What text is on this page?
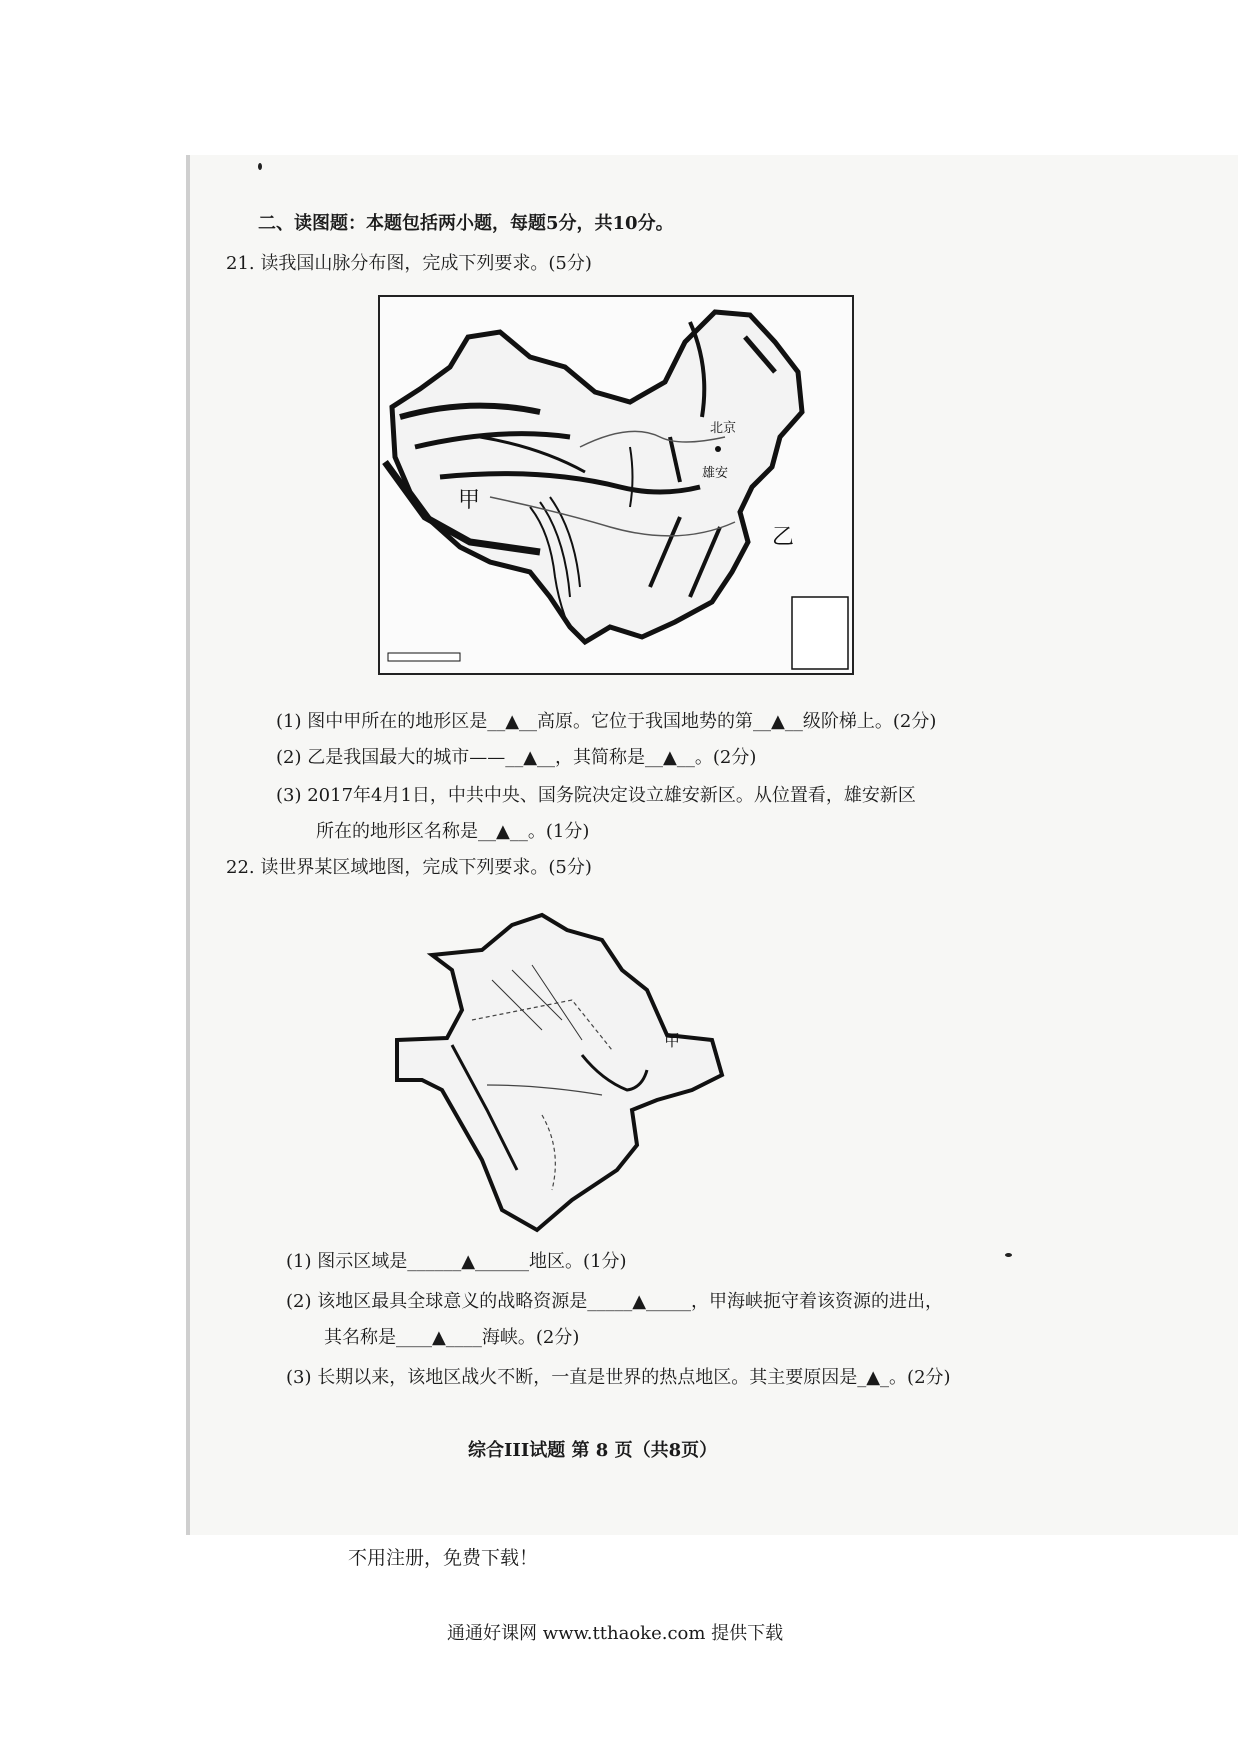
二、读图题：本题包括两小题，每题5分，共10分。
21. 读我国山脉分布图，完成下列要求。(5分)
甲
乙
北京
雄安
(1) 图中甲所在的地形区是__▲__高原。它位于我国地势的第__▲__级阶梯上。(2分)
(2) 乙是我国最大的城市——__▲__，其简称是__▲__。(2分)
(3) 2017年4月1日，中共中央、国务院决定设立雄安新区。从位置看，雄安新区
所在的地形区名称是__▲__。(1分)
22. 读世界某区域地图，完成下列要求。(5分)
甲
(1) 图示区域是______▲______地区。(1分)
(2) 该地区最具全球意义的战略资源是_____▲_____，甲海峡扼守着该资源的进出，
其名称是____▲____海峡。(2分)
(3) 长期以来，该地区战火不断，一直是世界的热点地区。其主要原因是_▲_。(2分)
综合III试题 第 8 页（共8页）
不用注册，免费下载！
通通好课网 www.tthaoke.com 提供下载
